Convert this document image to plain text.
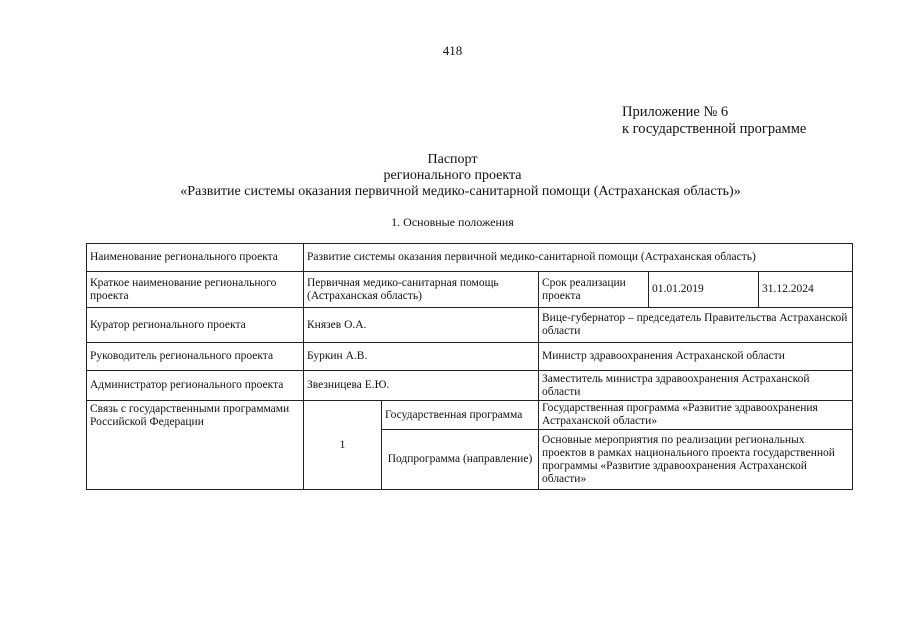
418
Приложение № 6
к государственной программе
Паспорт
регионального проекта
«Развитие системы оказания первичной медико-санитарной помощи (Астраханская область)»
1. Основные положения
Наименование регионального проекта	Развитие системы оказания первичной медико-санитарной помощи (Астраханская область)				
Краткое наименование регионального проекта	Первичная медико-санитарная помощь (Астраханская область)		Срок реализации проекта	01.01.2019	31.12.2024
Куратор регионального проекта	Князев О.А.		Вице-губернатор – председатель Правительства Астраханской области		
Руководитель регионального проекта	Буркин А.В.		Министр здравоохранения Астраханской области		
Администратор регионального проекта	Звезницева Е.Ю.		Заместитель министра здравоохранения Астраханской области		
Связь с государственными программами Российской Федерации	1	Государственная программа	Государственная программа «Развитие здравоохранения Астраханской области»		
		Подпрограмма (направление)	Основные мероприятия по реализации региональных проектов в рамках национального проекта государственной программы «Развитие здравоохранения Астраханской области»		
